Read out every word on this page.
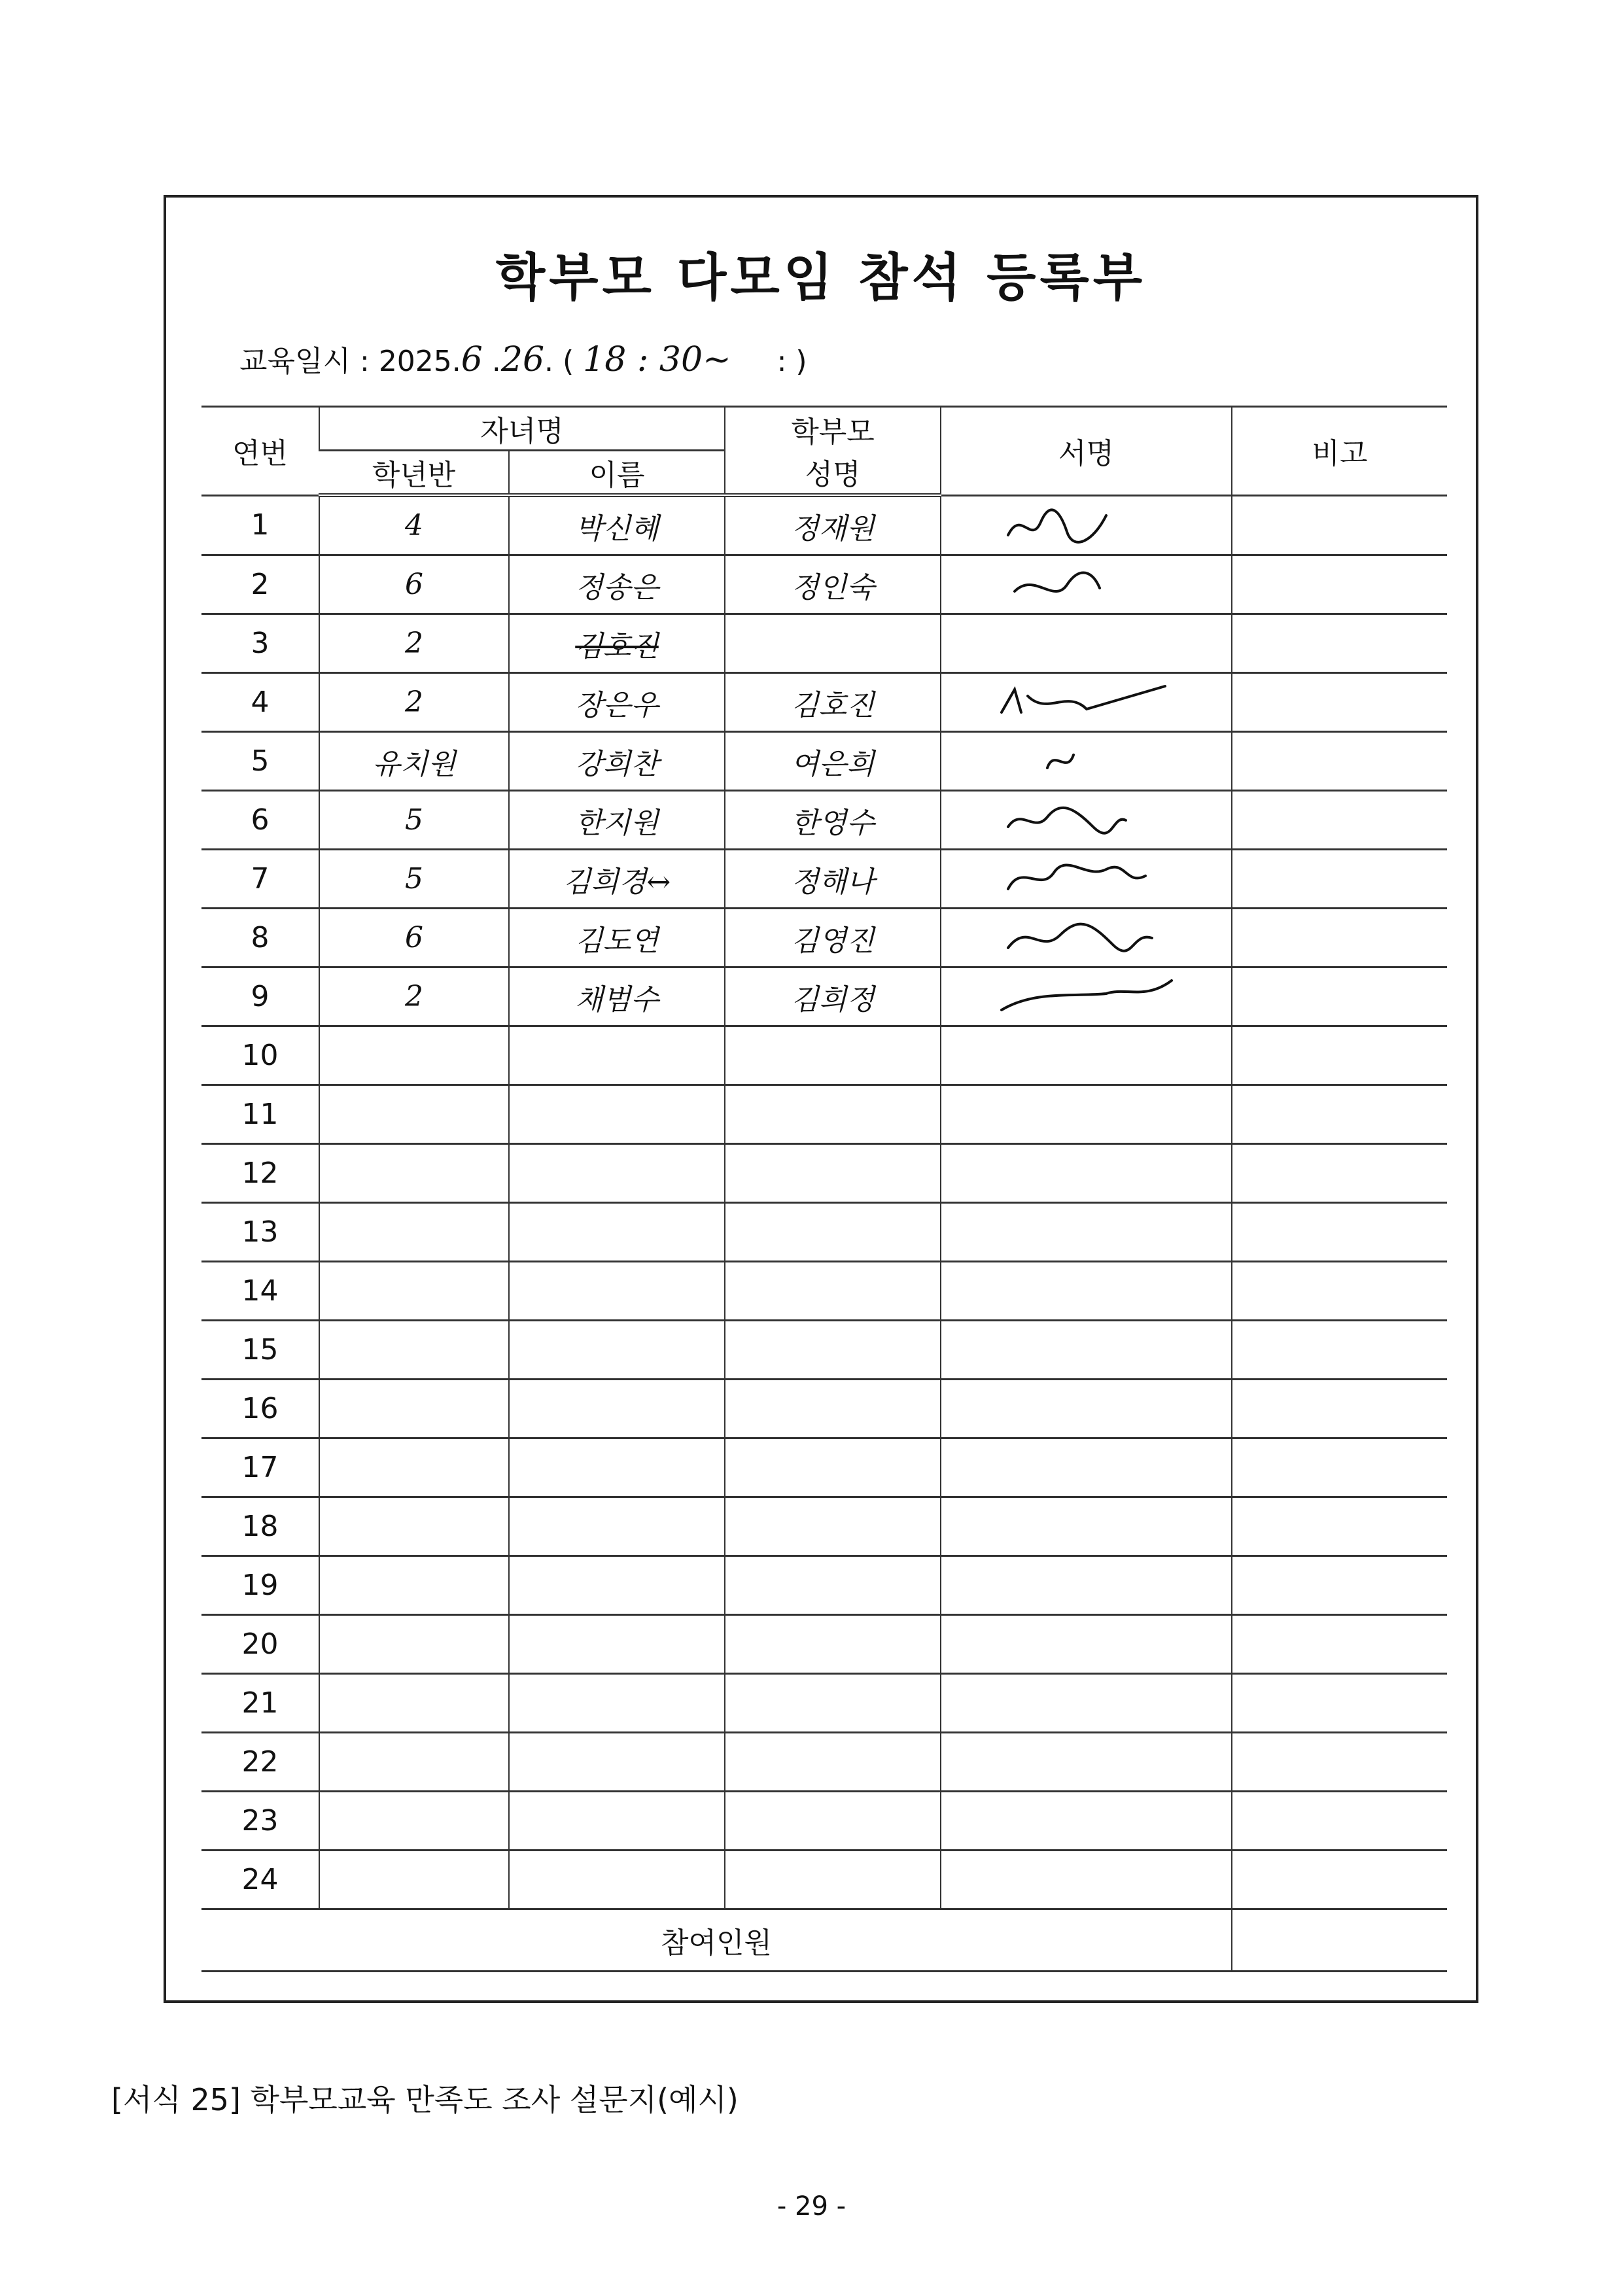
학부모 다모임 참석 등록부
교육일시 : 2025.6 .26. ( 18 : 30~ : )
연번	자녀명		학부모	서명	비고
	학년반	이름	성명		
1	4	박신혜	정재원	

2	6	정송은	정인숙	

3	2	김호진			
4	2	장은우	김호진	

5	유치원	강희찬	여은희	

6	5	한지원	한영수	

7	5	김희경↔	정해나	

8	6	김도연	김영진	

9	2	채범수	김희정	

10					
11					
12					
13					
14					
15					
16					
17					
18					
19					
20					
21					
22					
23					
24					
참여인원					
[서식 25] 학부모교육 만족도 조사 설문지(예시)
- 29 -
